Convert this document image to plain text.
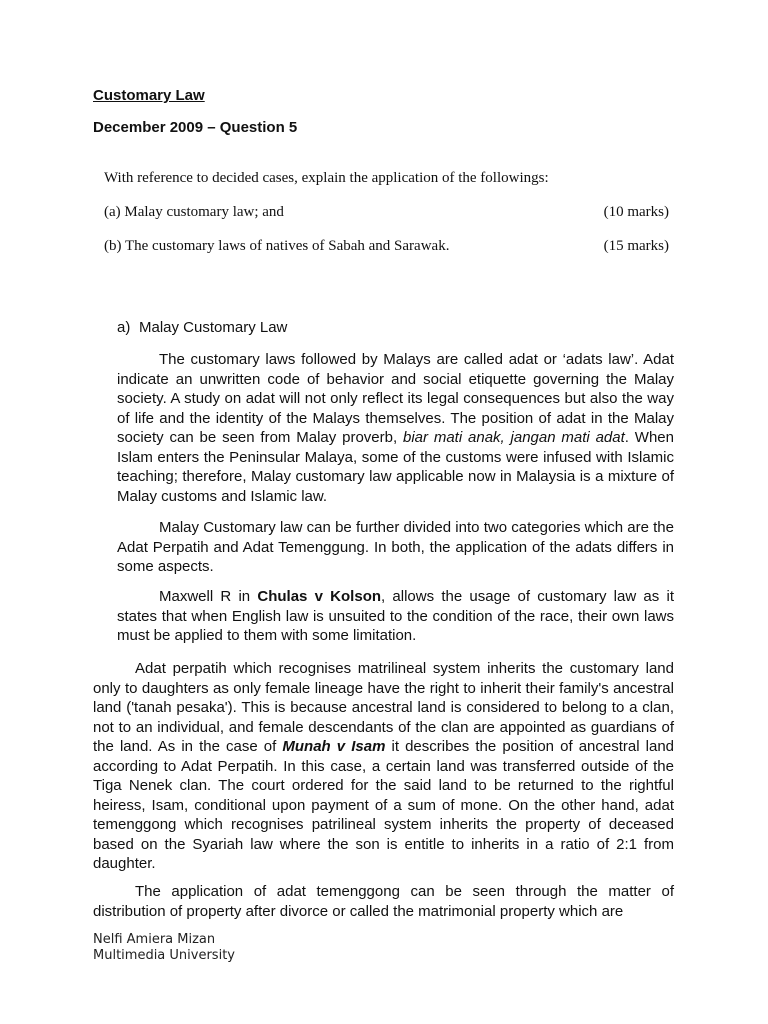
Customary Law
December 2009 – Question 5
With reference to decided cases, explain the application of the followings:
(a) Malay customary law; and	(10 marks)
(b) The customary laws of natives of Sabah and Sarawak.	(15 marks)
a) Malay Customary Law
The customary laws followed by Malays are called adat or ‘adats law’. Adat indicate an unwritten code of behavior and social etiquette governing the Malay society. A study on adat will not only reflect its legal consequences but also the way of life and the identity of the Malays themselves. The position of adat in the Malay society can be seen from Malay proverb, biar mati anak, jangan mati adat. When Islam enters the Peninsular Malaya, some of the customs were infused with Islamic teaching; therefore, Malay customary law applicable now in Malaysia is a mixture of Malay customs and Islamic law.
Malay Customary law can be further divided into two categories which are the Adat Perpatih and Adat Temenggung. In both, the application of the adats differs in some aspects.
Maxwell R in Chulas v Kolson, allows the usage of customary law as it states that when English law is unsuited to the condition of the race, their own laws must be applied to them with some limitation.
Adat perpatih which recognises matrilineal system inherits the customary land only to daughters as only female lineage have the right to inherit their family's ancestral land ('tanah pesaka'). This is because ancestral land is considered to belong to a clan, not to an individual, and female descendants of the clan are appointed as guardians of the land. As in the case of Munah v Isam it describes the position of ancestral land according to Adat Perpatih. In this case, a certain land was transferred outside of the Tiga Nenek clan. The court ordered for the said land to be returned to the rightful heiress, Isam, conditional upon payment of a sum of mone. On the other hand, adat temenggong which recognises patrilineal system inherits the property of deceased based on the Syariah law where the son is entitle to inherits in a ratio of 2:1 from daughter.
The application of adat temenggong can be seen through the matter of distribution of property after divorce or called the matrimonial property which are
Nelfi Amiera Mizan
Multimedia University
